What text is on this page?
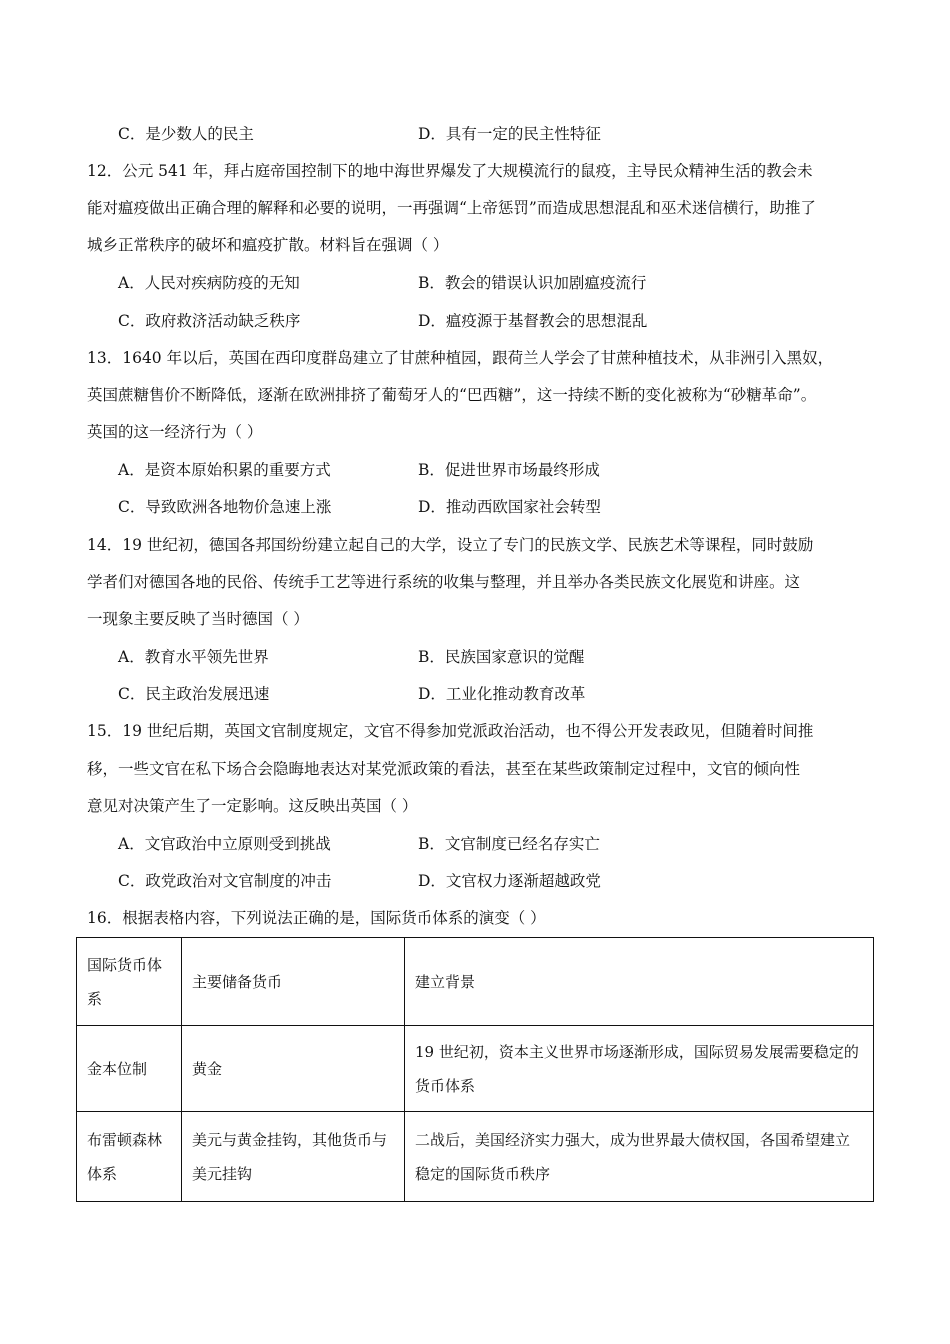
C．是少数人的民主	D．具有一定的民主性特征
12．公元 541 年，拜占庭帝国控制下的地中海世界爆发了大规模流行的鼠疫，主导民众精神生活的教会未
能对瘟疫做出正确合理的解释和必要的说明，一再强调“上帝惩罚”而造成思想混乱和巫术迷信横行，助推了
城乡正常秩序的破坏和瘟疫扩散。材料旨在强调（ ）
A．人民对疾病防疫的无知	B．教会的错误认识加剧瘟疫流行
C．政府救济活动缺乏秩序	D．瘟疫源于基督教会的思想混乱
13．1640 年以后，英国在西印度群岛建立了甘蔗种植园，跟荷兰人学会了甘蔗种植技术，从非洲引入黑奴，
英国蔗糖售价不断降低，逐渐在欧洲排挤了葡萄牙人的“巴西糖”，这一持续不断的变化被称为“砂糖革命”。
英国的这一经济行为（ ）
A．是资本原始积累的重要方式	B．促进世界市场最终形成
C．导致欧洲各地物价急速上涨	D．推动西欧国家社会转型
14．19 世纪初，德国各邦国纷纷建立起自己的大学，设立了专门的民族文学、民族艺术等课程，同时鼓励
学者们对德国各地的民俗、传统手工艺等进行系统的收集与整理，并且举办各类民族文化展览和讲座。这
一现象主要反映了当时德国（ ）
A．教育水平领先世界	B．民族国家意识的觉醒
C．民主政治发展迅速	D．工业化推动教育改革
15．19 世纪后期，英国文官制度规定，文官不得参加党派政治活动，也不得公开发表政见，但随着时间推
移，一些文官在私下场合会隐晦地表达对某党派政策的看法，甚至在某些政策制定过程中，文官的倾向性
意见对决策产生了一定影响。这反映出英国（ ）
A．文官政治中立原则受到挑战	B．文官制度已经名存实亡
C．政党政治对文官制度的冲击	D．文官权力逐渐超越政党
16．根据表格内容，下列说法正确的是，国际货币体系的演变（ ）
国际货币体系	主要储备货币	建立背景
金本位制	黄金	19 世纪初，资本主义世界市场逐渐形成，国际贸易发展需要稳定的货币体系
布雷顿森林体系	美元与黄金挂钩，其他货币与美元挂钩	二战后，美国经济实力强大，成为世界最大债权国，各国希望建立稳定的国际货币秩序
